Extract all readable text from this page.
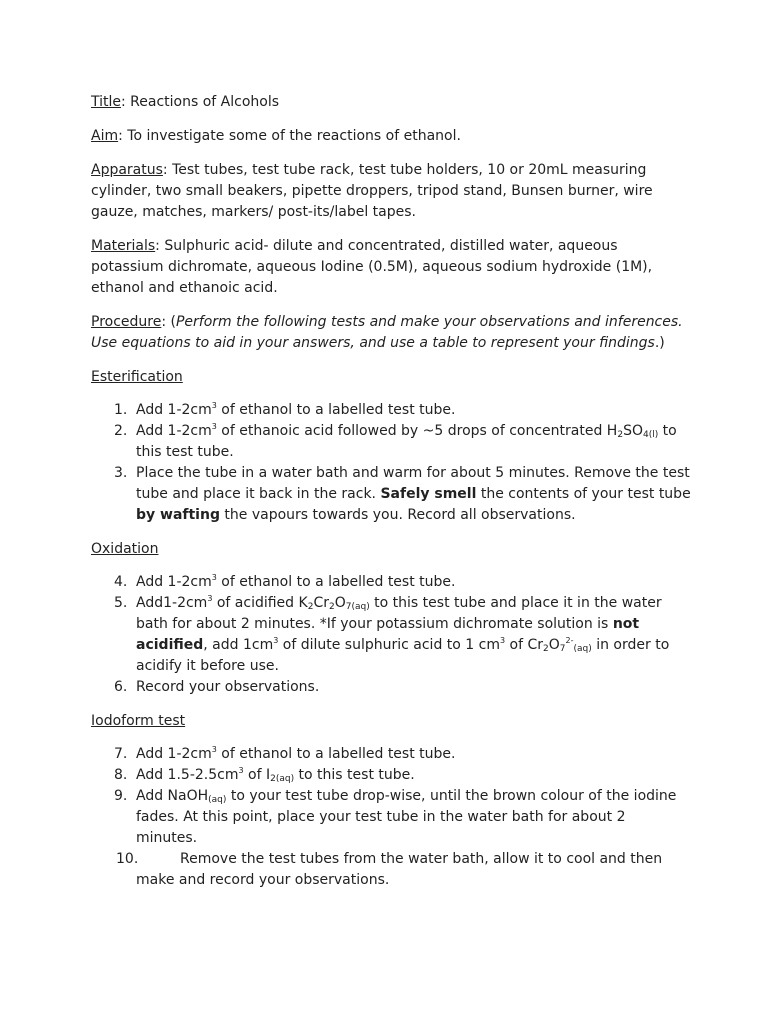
Title: Reactions of Alcohols

Aim: To investigate some of the reactions of ethanol.

Apparatus: Test tubes, test tube rack, test tube holders, 10 or 20mL measuring cylinder, two small beakers, pipette droppers, tripod stand, Bunsen burner, wire gauze, matches, markers/ post-its/label tapes.

Materials: Sulphuric acid- dilute and concentrated, distilled water, aqueous potassium dichromate, aqueous Iodine (0.5M), aqueous sodium hydroxide (1M), ethanol and ethanoic acid.

Procedure: (Perform the following tests and make your observations and inferences. Use equations to aid in your answers, and use a table to represent your findings.)

Esterification

1. Add $1-2cm^3$ of ethanol to a labelled test tube.
2. Add $1-2cm^3$ of ethanoic acid followed by ~5 drops of concentrated $H_2SO_{4(l)}$ to this test tube.
3. Place the tube in a water bath and warm for about 5 minutes. Remove the test tube and place it back in the rack. Safely smell the contents of your test tube by wafting the vapours towards you. Record all observations.

Oxidation

4. Add $1-2cm^3$ of ethanol to a labelled test tube.
5. $Add1-2cm^3$ of acidified $K_2Cr_2O_{7(aq)}$ to this test tube and place it in the water bath for about 2 minutes. *If your potassium dichromate solution is not acidified, add $1cm^3$ of dilute sulphuric acid to 1 $cm^3$ of $Cr_2O_7^{2-}_{(aq)}$ in order to acidify it before use.
6. Record your observations.

Iodoform test

7. Add $1-2cm^3$ of ethanol to a labelled test tube.
8. Add $1.5-2.5cm^3$ of $I_{2(aq)}$ to this test tube.
9. Add NaOH$_{(aq)}$ to your test tube drop-wise, until the brown colour of the iodine fades. At this point, place your test tube in the water bath for about 2 minutes.
10.	Remove the test tubes from the water bath, allow it to cool and then make and record your observations.
